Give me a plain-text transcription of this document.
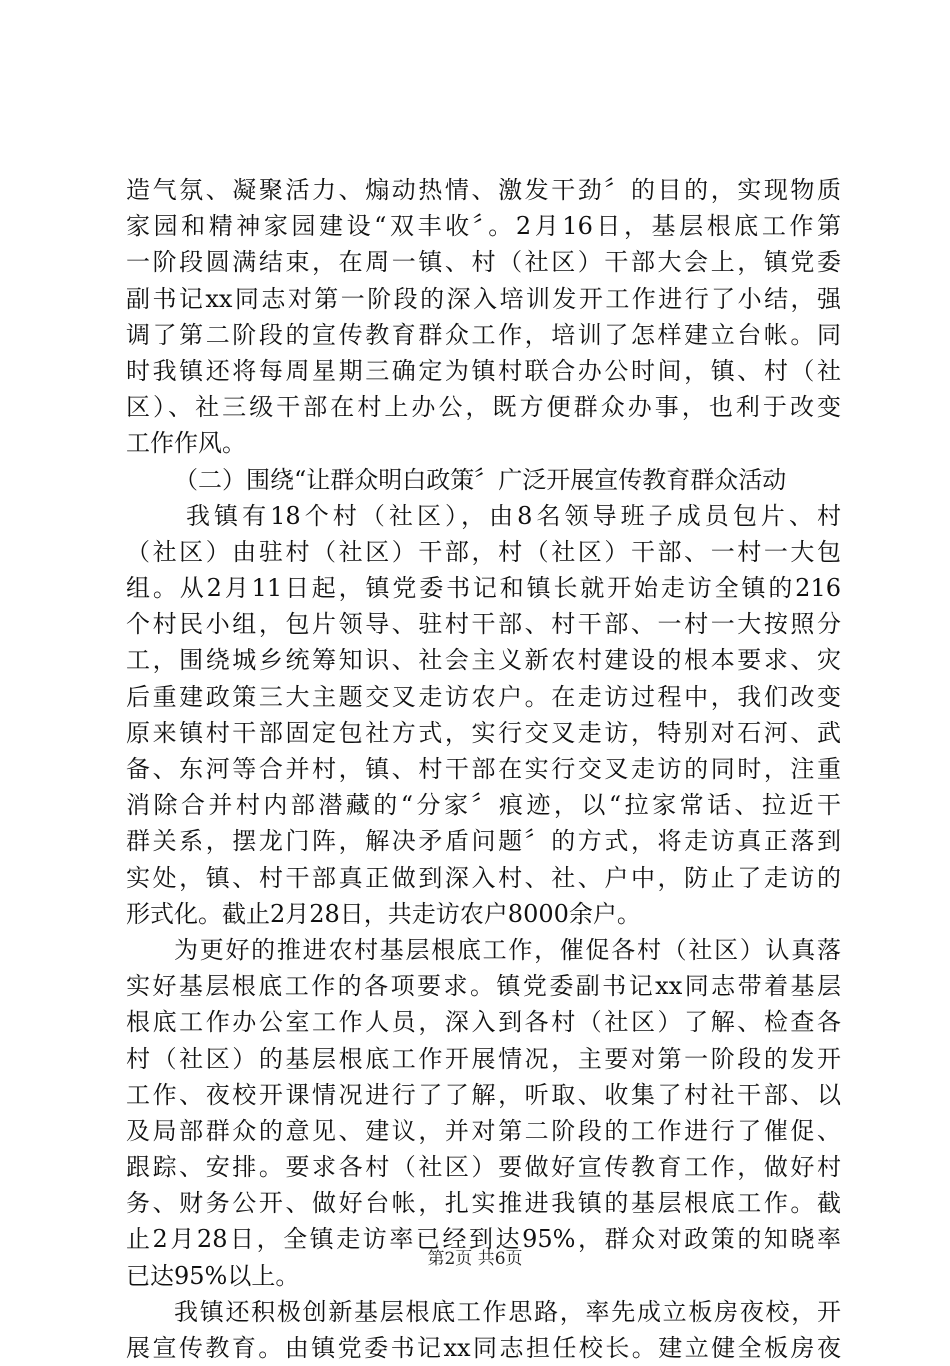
造气氛、凝聚活力、煽动热情、激发干劲〞的目的，实现物质
家园和精神家园建设“双丰收〞。2月16日，基层根底工作第
一阶段圆满结束，在周一镇、村（社区）干部大会上，镇党委
副书记xx同志对第一阶段的深入培训发开工作进行了小结，强
调了第二阶段的宣传教育群众工作，培训了怎样建立台帐。同
时我镇还将每周星期三确定为镇村联合办公时间，镇、村（社
区）、社三级干部在村上办公，既方便群众办事，也利于改变
工作作风。
（二）围绕“让群众明白政策〞广泛开展宣传教育群众活动
我镇有18个村（社区），由8名领导班子成员包片、村
（社区）由驻村（社区）干部，村（社区）干部、一村一大包
组。从2月11日起，镇党委书记和镇长就开始走访全镇的216
个村民小组，包片领导、驻村干部、村干部、一村一大按照分
工，围绕城乡统筹知识、社会主义新农村建设的根本要求、灾
后重建政策三大主题交叉走访农户。在走访过程中，我们改变
原来镇村干部固定包社方式，实行交叉走访，特别对石河、武
备、东河等合并村，镇、村干部在实行交叉走访的同时，注重
消除合并村内部潜藏的“分家〞痕迹，以“拉家常话、拉近干
群关系，摆龙门阵，解决矛盾问题〞的方式，将走访真正落到
实处，镇、村干部真正做到深入村、社、户中，防止了走访的
形式化。截止2月28日，共走访农户8000余户。
为更好的推进农村基层根底工作，催促各村（社区）认真落
实好基层根底工作的各项要求。镇党委副书记xx同志带着基层
根底工作办公室工作人员，深入到各村（社区）了解、检查各
村（社区）的基层根底工作开展情况，主要对第一阶段的发开
工作、夜校开课情况进行了了解，听取、收集了村社干部、以
及局部群众的意见、建议，并对第二阶段的工作进行了催促、
跟踪、安排。要求各村（社区）要做好宣传教育工作，做好村
务、财务公开、做好台帐，扎实推进我镇的基层根底工作。截
止2月28日，全镇走访率已经到达95%，群众对政策的知晓率
已达95%以上。
我镇还积极创新基层根底工作思路，率先成立板房夜校，开
展宣传教育。由镇党委书记xx同志担任校长。建立健全板房夜
第2页 共6页
